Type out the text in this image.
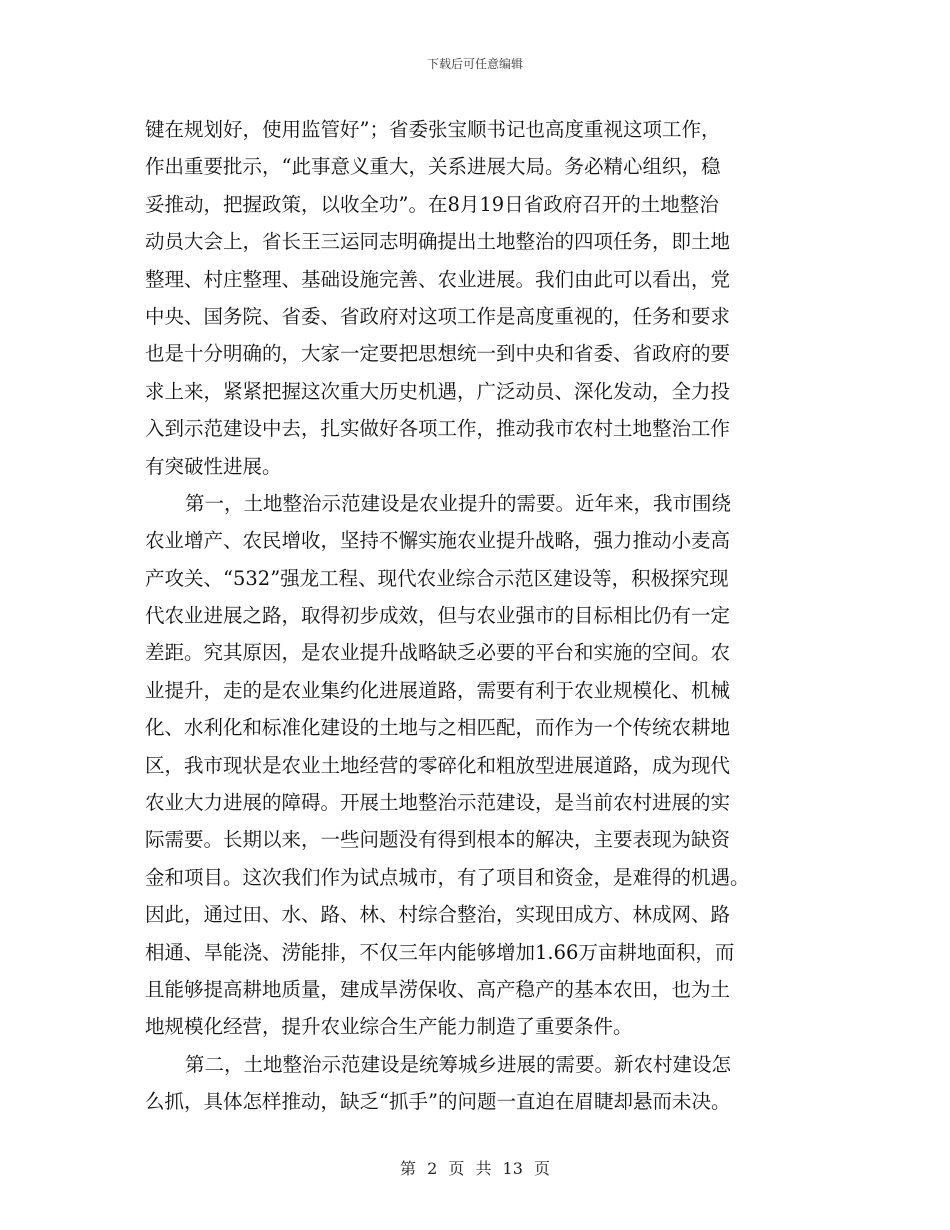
下载后可任意编辑
键在规划好，使用监管好”；省委张宝顺书记也高度重视这项工作，
作出重要批示，“此事意义重大，关系进展大局。务必精心组织，稳
妥推动，把握政策，以收全功”。在8月19日省政府召开的土地整治
动员大会上，省长王三运同志明确提出土地整治的四项任务，即土地
整理、村庄整理、基础设施完善、农业进展。我们由此可以看出，党
中央、国务院、省委、省政府对这项工作是高度重视的，任务和要求
也是十分明确的，大家一定要把思想统一到中央和省委、省政府的要
求上来，紧紧把握这次重大历史机遇，广泛动员、深化发动，全力投
入到示范建设中去，扎实做好各项工作，推动我市农村土地整治工作
有突破性进展。
第一，土地整治示范建设是农业提升的需要。近年来，我市围绕
农业增产、农民增收，坚持不懈实施农业提升战略，强力推动小麦高
产攻关、“532”强龙工程、现代农业综合示范区建设等，积极探究现
代农业进展之路，取得初步成效，但与农业强市的目标相比仍有一定
差距。究其原因，是农业提升战略缺乏必要的平台和实施的空间。农
业提升，走的是农业集约化进展道路，需要有利于农业规模化、机械
化、水利化和标准化建设的土地与之相匹配，而作为一个传统农耕地
区，我市现状是农业土地经营的零碎化和粗放型进展道路，成为现代
农业大力进展的障碍。开展土地整治示范建设，是当前农村进展的实
际需要。长期以来，一些问题没有得到根本的解决，主要表现为缺资
金和项目。这次我们作为试点城市，有了项目和资金，是难得的机遇。
因此，通过田、水、路、林、村综合整治，实现田成方、林成网、路
相通、旱能浇、涝能排，不仅三年内能够增加1.66万亩耕地面积，而
且能够提高耕地质量，建成旱涝保收、高产稳产的基本农田，也为土
地规模化经营，提升农业综合生产能力制造了重要条件。
第二，土地整治示范建设是统筹城乡进展的需要。新农村建设怎
么抓，具体怎样推动，缺乏“抓手”的问题一直迫在眉睫却悬而未决。
第 2 页 共 13 页
